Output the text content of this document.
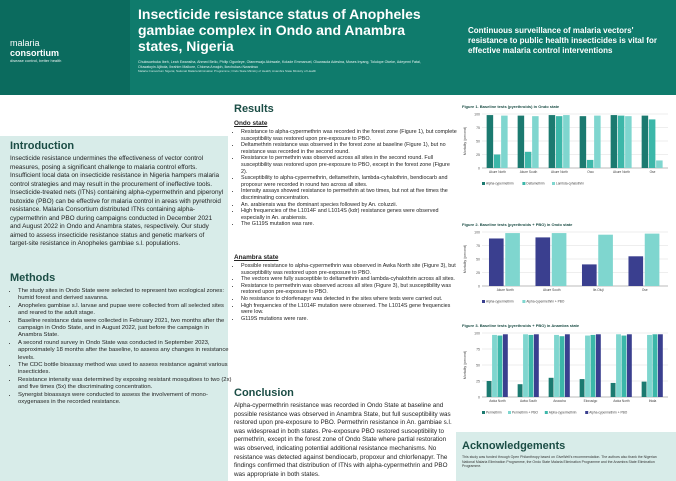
malaria
consortium
disease control, better health
Insecticide resistance status of Anopheles gambiae complex in Ondo and Anambra states, Nigeria
Chukwuebuka Ibeh, Leah Ewansiha, Ahmed Bello, Philip Ogunleye, Olanrewaju Akinwale, Kolade Emmanuel, Oluwasola Adesina, Moses Inyang, Tolulope Okeke, Adeyemi Fatai, Oluwatoyin Ajibola, Ibrahim Maikore, Chioma Amajoh, Ikechukwu Nwankwo
Malaria Consortium Nigeria; National Malaria Elimination Programme; Ondo State Ministry of Health; Anambra State Ministry of Health
Continuous surveillance of malaria vectors' resistance to public health insecticides is vital for effective malaria control interventions
Introduction
Insecticide resistance undermines the effectiveness of vector control measures, posing a significant challenge to malaria control efforts. Insufficient local data on insecticide resistance in Nigeria hampers malaria control strategies and may result in the procurement of ineffective tools. Insecticide-treated nets (ITNs) containing alpha-cypermethrin and piperonyl butoxide (PBO) can be effective for malaria control in areas with pyrethroid resistance. Malaria Consortium distributed ITNs containing alpha-cypermethrin and PBO during campaigns conducted in December 2021 and August 2022 in Ondo and Anambra states, respectively. Our study aimed to assess insecticide resistance status and genetic markers of target-site resistance in Anopheles gambiae s.l. populations.
Methods
• The study sites in Ondo State were selected to represent two ecological zones: humid forest and derived savanna.
• Anopheles gambiae s.l. larvae and pupae were collected from all selected sites and reared to the adult stage.
• Baseline resistance data were collected in February 2021, two months after the campaign in Ondo State, and in August 2022, just before the campaign in Anambra State.
• A second round survey in Ondo State was conducted in September 2023, approximately 18 months after the baseline, to assess any changes in resistance levels.
• The CDC bottle bioassay method was used to assess resistance against various insecticides.
• Resistance intensity was determined by exposing resistant mosquitoes to two (2x) and five times (5x) the discriminating concentration.
• Synergist bioassays were conducted to assess the involvement of mono-oxygenases in the recorded resistance.
Results
Ondo state
• Resistance to alpha-cypermethrin was recorded in the forest zone (Figure 1), but complete susceptibility was restored upon pre-exposure to PBO.
• Deltamethrin resistance was observed in the forest zone at baseline (Figure 1), but no resistance was recorded in the second round.
• Resistance to permethrin was observed across all sites in the second round. Full susceptibility was restored upon pre-exposure to PBO, except in the forest zone (Figure 2).
• Susceptibility to alpha-cypermethrin, deltamethrin, lambda-cyhalothrin, bendiocarb and propoxur were recorded in round two across all sites.
• Intensity assays showed resistance to permethrin at two times, but not at five times the discriminating concentration.
• An. arabiensis was the dominant species followed by An. coluzzii.
• High frequencies of the L1014F and L1014S (kdr) resistance genes were observed especially in An. arabiensis.
• The G119S mutation was rare.
Anambra state
• Possible resistance to alpha-cypermethrin was observed in Awka North site (Figure 3), but susceptibility was restored upon pre-exposure to PBO.
• The vectors were fully susceptible to deltamethrin and lambda-cyhalothrin across all sites.
• Resistance to permethrin was observed across all sites (Figure 3), but susceptibility was restored upon pre-exposure to PBO.
• No resistance to chlorfenapyr was detected in the sites where tests were carried out.
• High frequencies of the L1014F mutation were observed. The L1014S gene frequencies were low.
• G119S mutations were rare.
Conclusion
Alpha-cypermethrin resistance was recorded in Ondo State at baseline and possible resistance was observed in Anambra State, but full susceptibility was restored upon pre-exposure to PBO. Permethrin resistance in An. gambiae s.l. was widespread in both states. Pre-exposure PBO restored susceptibility to permethrin, except in the forest zone of Ondo State where partial restoration was observed, indicating potential additional resistance mechanisms. No resistance was detected against bendiocarb, propoxur and chlorfenapyr. The findings confirmed that distribution of ITNs with alpha-cypermethrin and PBO was appropriate in both states.
Figure 1. Baseline tests (pyrethroids) in Ondo state
0
25
50
75
100
Mortality (percent)
Akure North	Akure South	Akure North	Owo	Akure North	Ose
Alpha-cypermethrin	Deltamethrin	Lambda-cyhalothrin
Figure 2. Baseline tests (pyrethroids + PBO) in Ondo state
0
25
50
75
100
Mortality (percent)
Akure North	Akure South	Ile-Oluji	Ose
Alpha-cypermethrin	Alpha-cypermethrin + PBO
Figure 3. Baseline tests (pyrethroids + PBO) in Anambra state
0
25
50
75
100
Mortality (percent)
Awka North	Awka South	Anaocha	Ekwusigo	Awka North	Ihiala
Permethrin	Permethrin + PBO	Alpha-cypermethrin	Alpha-cypermethrin + PBO
Acknowledgements
This study was funded through Open Philanthropy based on GiveWell's recommendation. The authors also thank the Nigerian National Malaria Elimination Programme, the Ondo State Malaria Elimination Programme and the Anambra State Elimination Programme.
